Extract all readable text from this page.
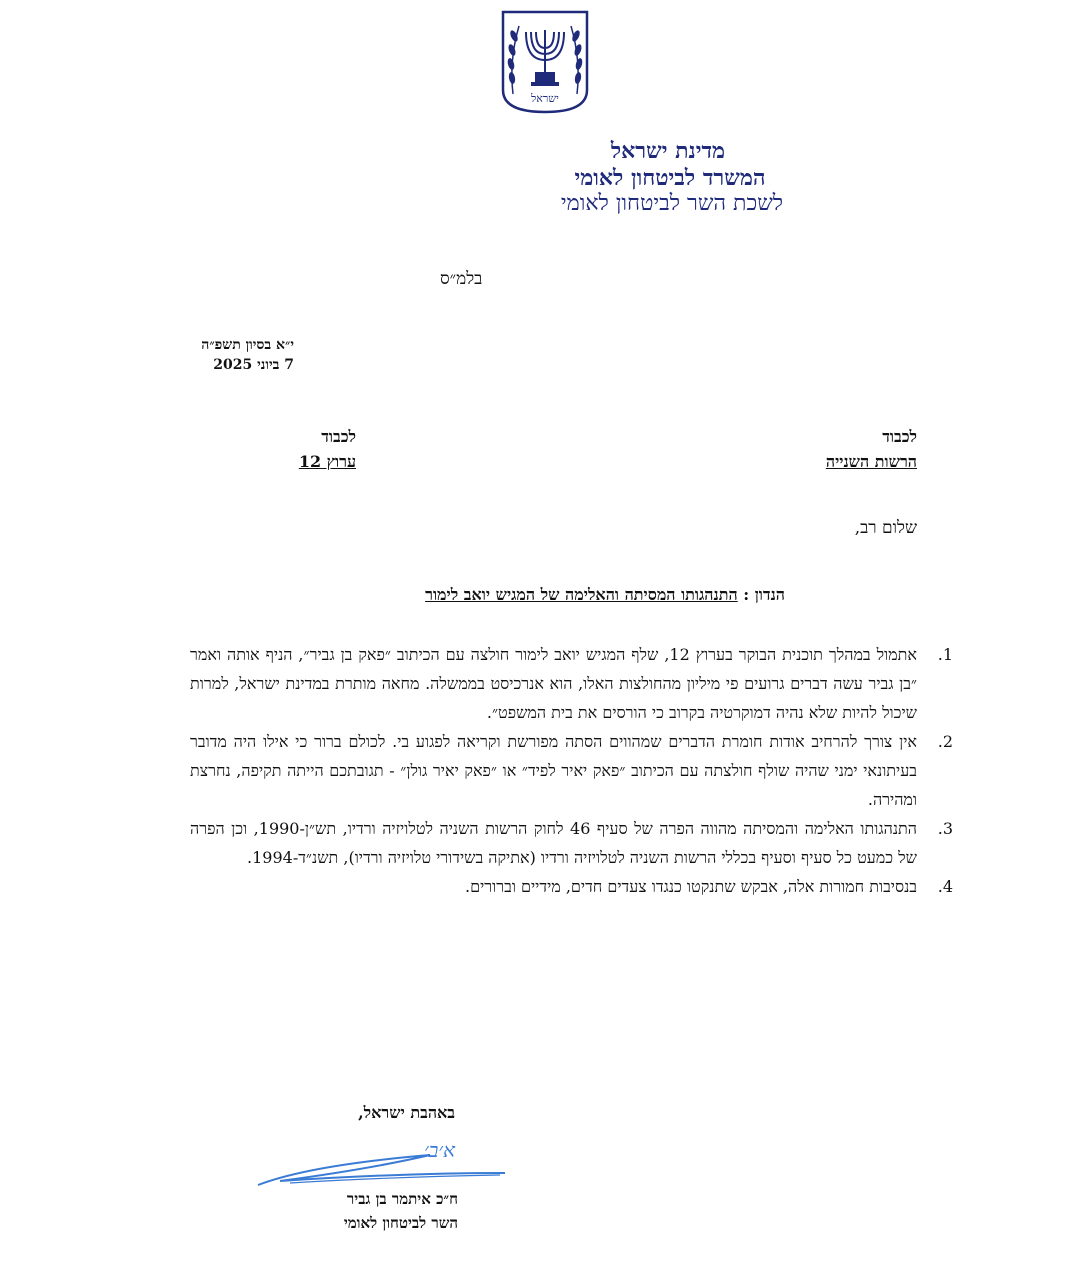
ישראל
מדינת ישראל
המשרד לביטחון לאומי
לשכת השר לביטחון לאומי
בלמ״ס
י״א בסיון תשפ״ה
7 ביוני 2025
לכבוד
הרשות השנייה
לכבוד
ערוץ 12
שלום רב,
הנדון : התנהגותו המסיתה והאלימה של המגיש יואב לימור
1.
אתמול במהלך תוכנית הבוקר בערוץ 12, שלף המגיש יואב לימור חולצה עם הכיתוב ״פאק בן גביר״, הניף אותה ואמר ״בן גביר עשה דברים גרועים פי מיליון מהחולצות האלו, הוא אנרכיסט בממשלה. מחאה מותרת במדינת ישראל, למרות שיכול להיות שלא נהיה דמוקרטיה בקרוב כי הורסים את בית המשפט״.
2.
אין צורך להרחיב אודות חומרת הדברים שמהווים הסתה מפורשת וקריאה לפגוע בי. לכולם ברור כי אילו היה מדובר בעיתונאי ימני שהיה שולף חולצתה עם הכיתוב ״פאק יאיר לפיד״ או ״פאק יאיר גולן״ - תגובתכם הייתה תקיפה, נחרצת ומהירה.
3.
התנהגותו האלימה והמסיתה מהווה הפרה של סעיף 46 לחוק הרשות השניה לטלויזיה ורדיו, תש״ן-1990, וכן הפרה של כמעט כל סעיף וסעיף בכללי הרשות השניה לטלויזיה ורדיו (אתיקה בשידורי טלויזיה ורדיו), תשנ״ד-1994.
4.
בנסיבות חמורות אלה, אבקש שתנקטו כנגדו צעדים חדים, מידיים וברורים.
באהבת ישראל,
א׳ב׳
ח״כ איתמר בן גביר
השר לביטחון לאומי
